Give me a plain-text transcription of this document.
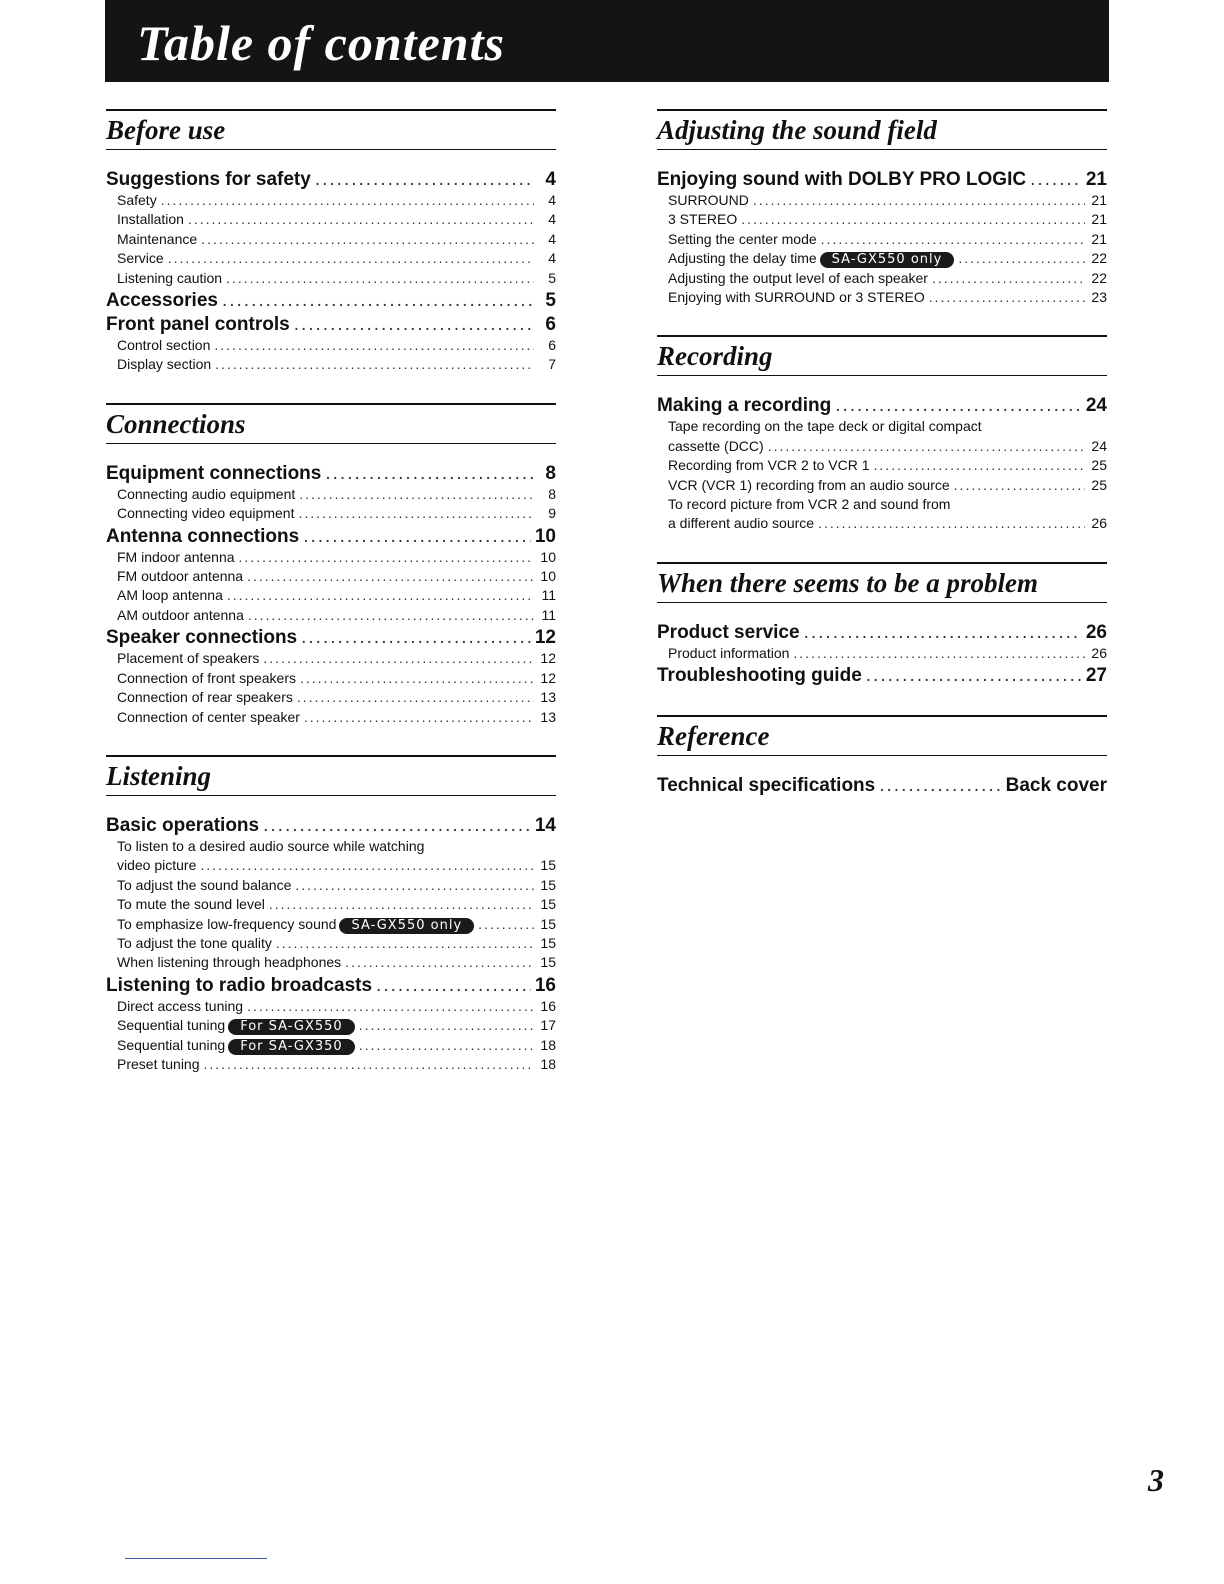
Table of contents
Before use
Suggestions for safety .....	4
Safety .....	4
Installation .....	4
Maintenance .....	4
Service .....	4
Listening caution .....	5
Accessories .....	5
Front panel controls .....	6
Control section .....	6
Display section .....	7
Connections
Equipment connections .....	8
Connecting audio equipment .....	8
Connecting video equipment .....	9
Antenna connections .....	10
FM indoor antenna .....	10
FM outdoor antenna .....	10
AM loop antenna .....	11
AM outdoor antenna .....	11
Speaker connections .....	12
Placement of speakers .....	12
Connection of front speakers .....	12
Connection of rear speakers .....	13
Connection of center speaker .....	13
Listening
Basic operations .....	14
To listen to a desired audio source while watching
video picture .....	15
To adjust the sound balance .....	15
To mute the sound level .....	15
To emphasize low-frequency sound SA-GX550 only .....	15
To adjust the tone quality .....	15
When listening through headphones .....	15
Listening to radio broadcasts .....	16
Direct access tuning .....	16
Sequential tuning For SA-GX550 .....	17
Sequential tuning For SA-GX350 .....	18
Preset tuning .....	18
Adjusting the sound field
Enjoying sound with DOLBY PRO LOGIC .....	21
SURROUND .....	21
3 STEREO .....	21
Setting the center mode .....	21
Adjusting the delay time SA-GX550 only .....	22
Adjusting the output level of each speaker .....	22
Enjoying with SURROUND or 3 STEREO .....	23
Recording
Making a recording .....	24
Tape recording on the tape deck or digital compact
cassette (DCC) .....	24
Recording from VCR 2 to VCR 1 .....	25
VCR (VCR 1) recording from an audio source .....	25
To record picture from VCR 2 and sound from
a different audio source .....	26
When there seems to be a problem
Product service .....	26
Product information .....	26
Troubleshooting guide .....	27
Reference
Technical specifications .....	Back cover
3
